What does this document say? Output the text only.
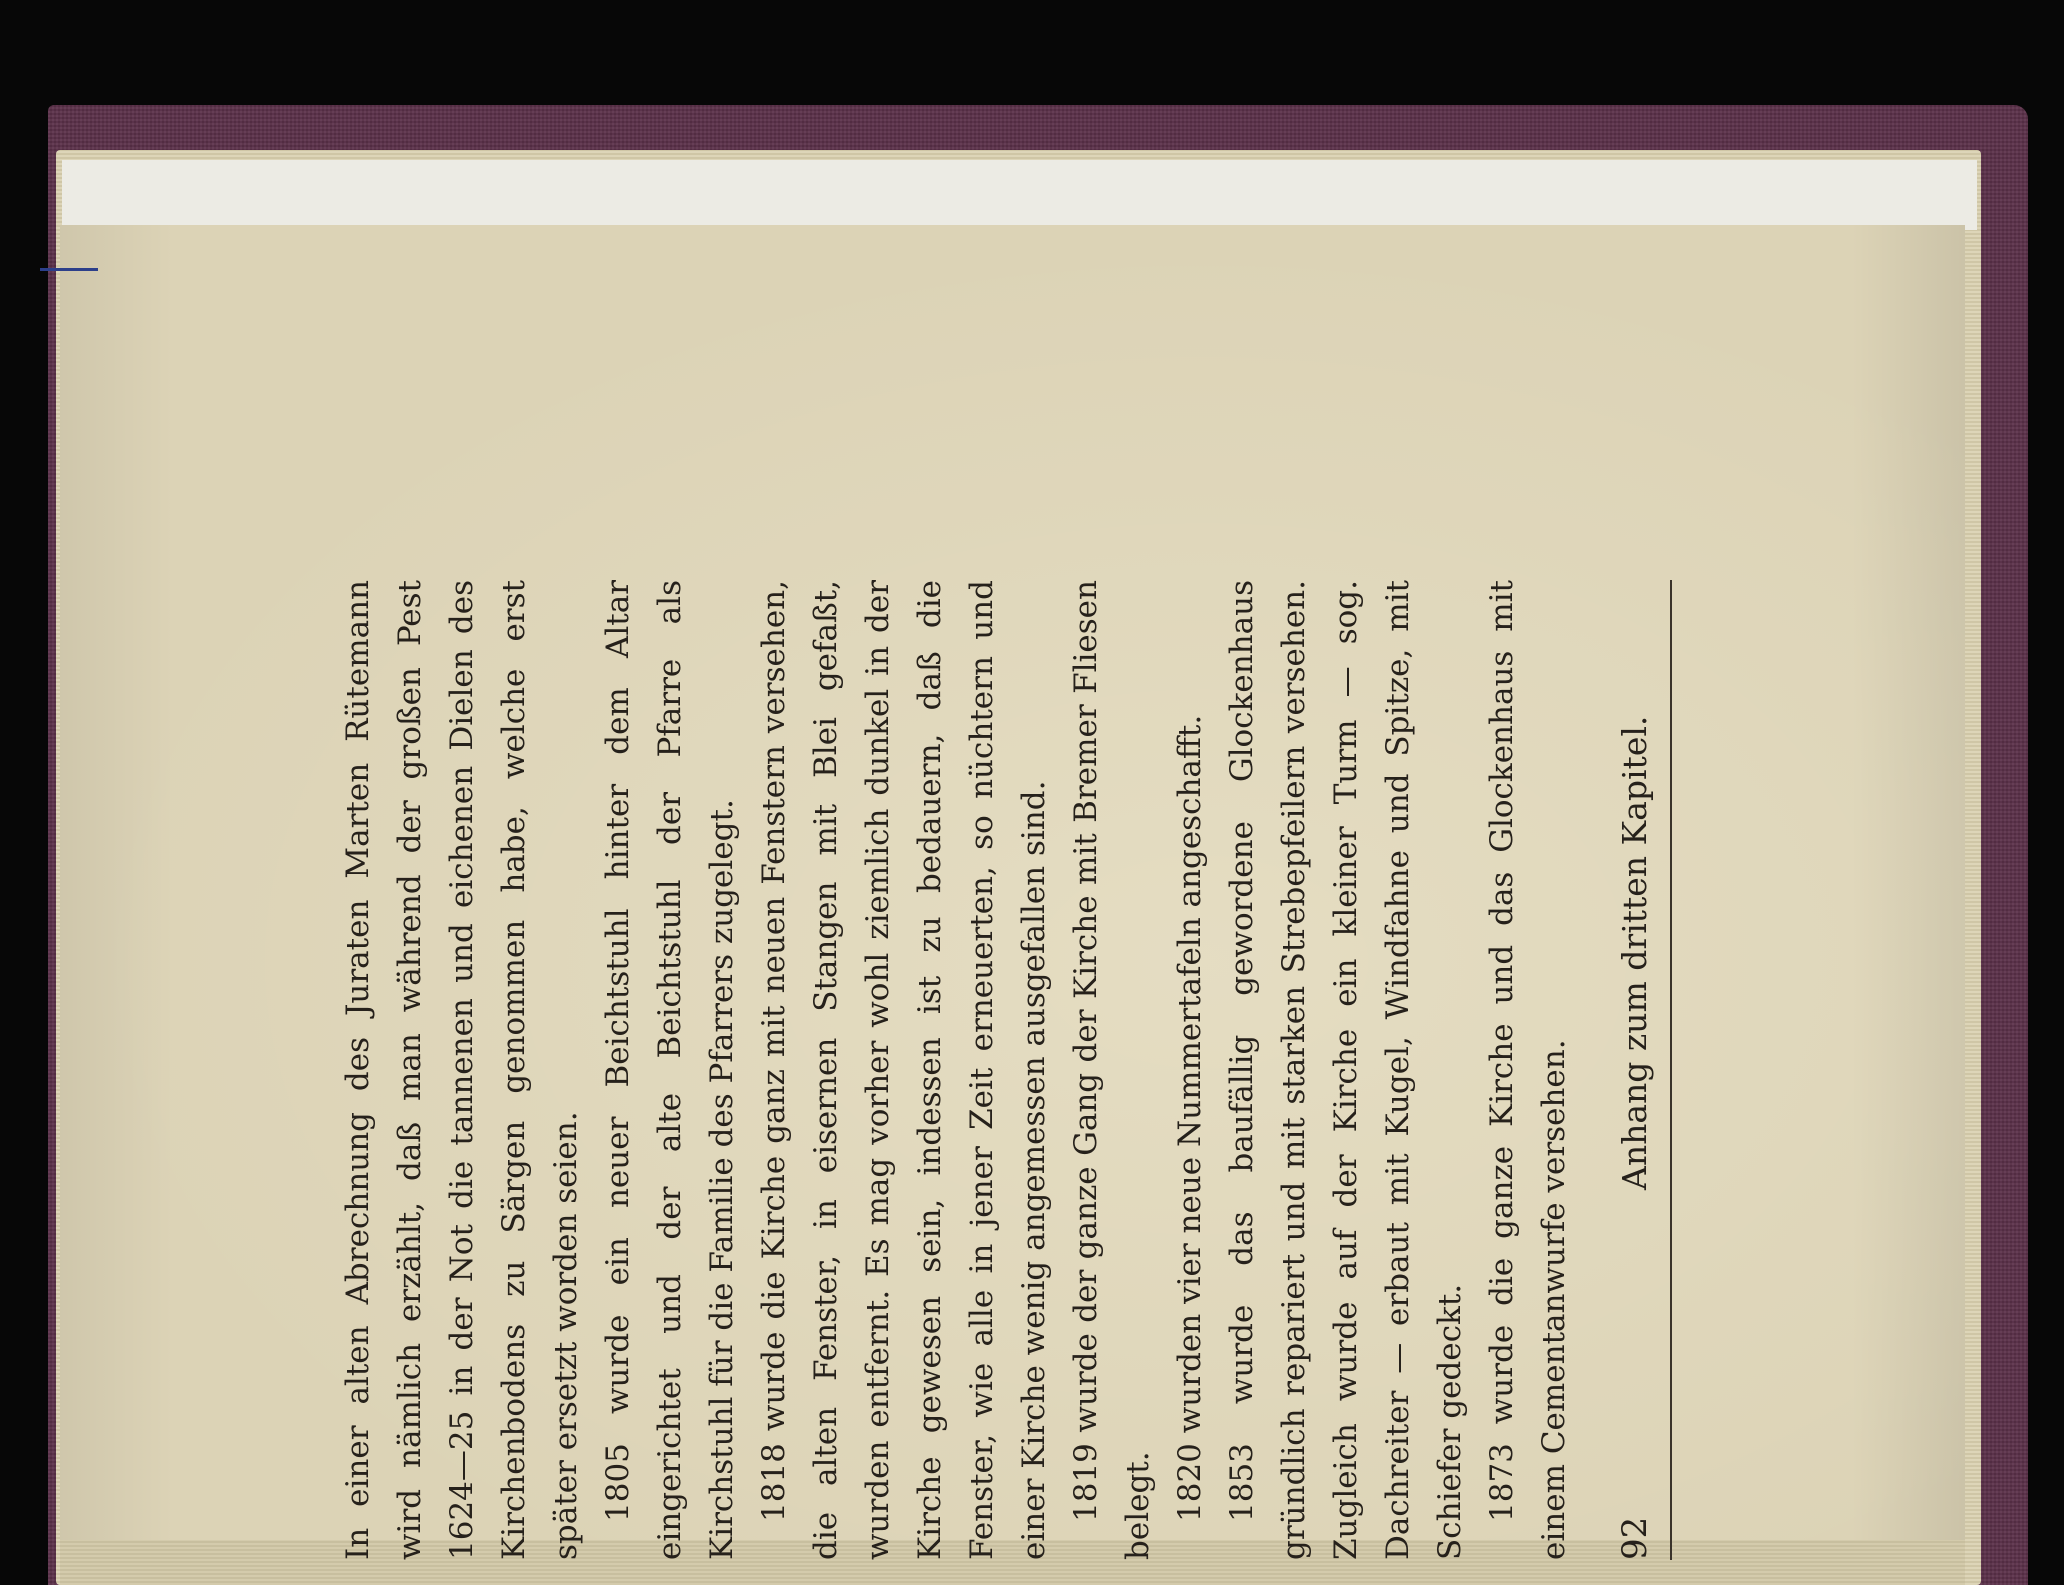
92
Anhang zum dritten Kapitel.

In einer alten Abrechnung des Juraten Marten Rütemann wird nämlich erzählt, daß man während der großen Pest 1624—25 in der Not die tannenen und eichenen Dielen des Kirchenbodens zu Särgen genommen habe, welche erst später ersetzt worden seien. 1805 wurde ein neuer Beichtstuhl hinter dem Altar eingerichtet und der alte Beichtstuhl der Pfarre als Kirchstuhl für die Familie des Pfarrers zugelegt. 1818 wurde die Kirche ganz mit neuen Fenstern versehen, die alten Fenster, in eisernen Stangen mit Blei gefaßt, wurden entfernt. Es mag vorher wohl ziemlich dunkel in der Kirche gewesen sein, indessen ist zu bedauern, daß die Fenster, wie alle in jener Zeit erneuerten, so nüchtern und einer Kirche wenig angemessen ausgefallen sind. 1819 wurde der ganze Gang der Kirche mit Bremer Fliesen belegt. 1820 wurden vier neue Nummertafeln angeschafft. 1853 wurde das baufällig gewordene Glockenhaus gründlich repariert und mit starken Strebepfeilern versehen. Zugleich wurde auf der Kirche ein kleiner Turm — sog. Dachreiter — erbaut mit Kugel, Windfahne und Spitze, mit Schiefer gedeckt. 1873 wurde die ganze Kirche und das Glockenhaus mit einem Cementanwurfe versehen.
